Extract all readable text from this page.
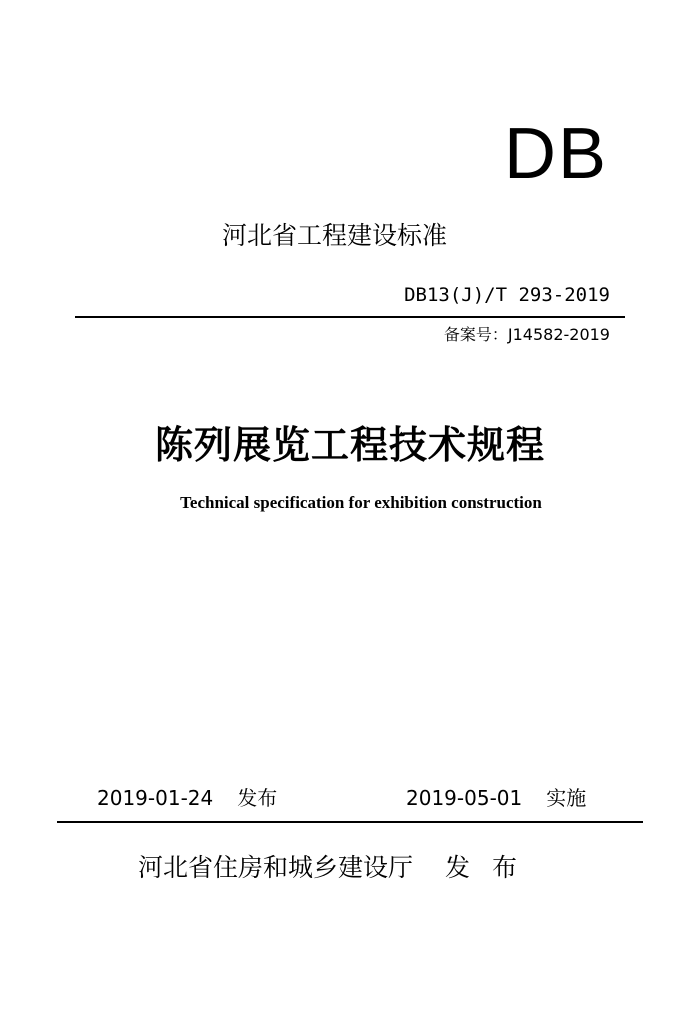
DB
河北省工程建设标准
DB13(J)/T 293-2019
备案号：J14582-2019
陈列展览工程技术规程
Technical specification for exhibition construction
2019-01-24 发布	2019-05-01 实施
河北省住房和城乡建设厅 发 布
